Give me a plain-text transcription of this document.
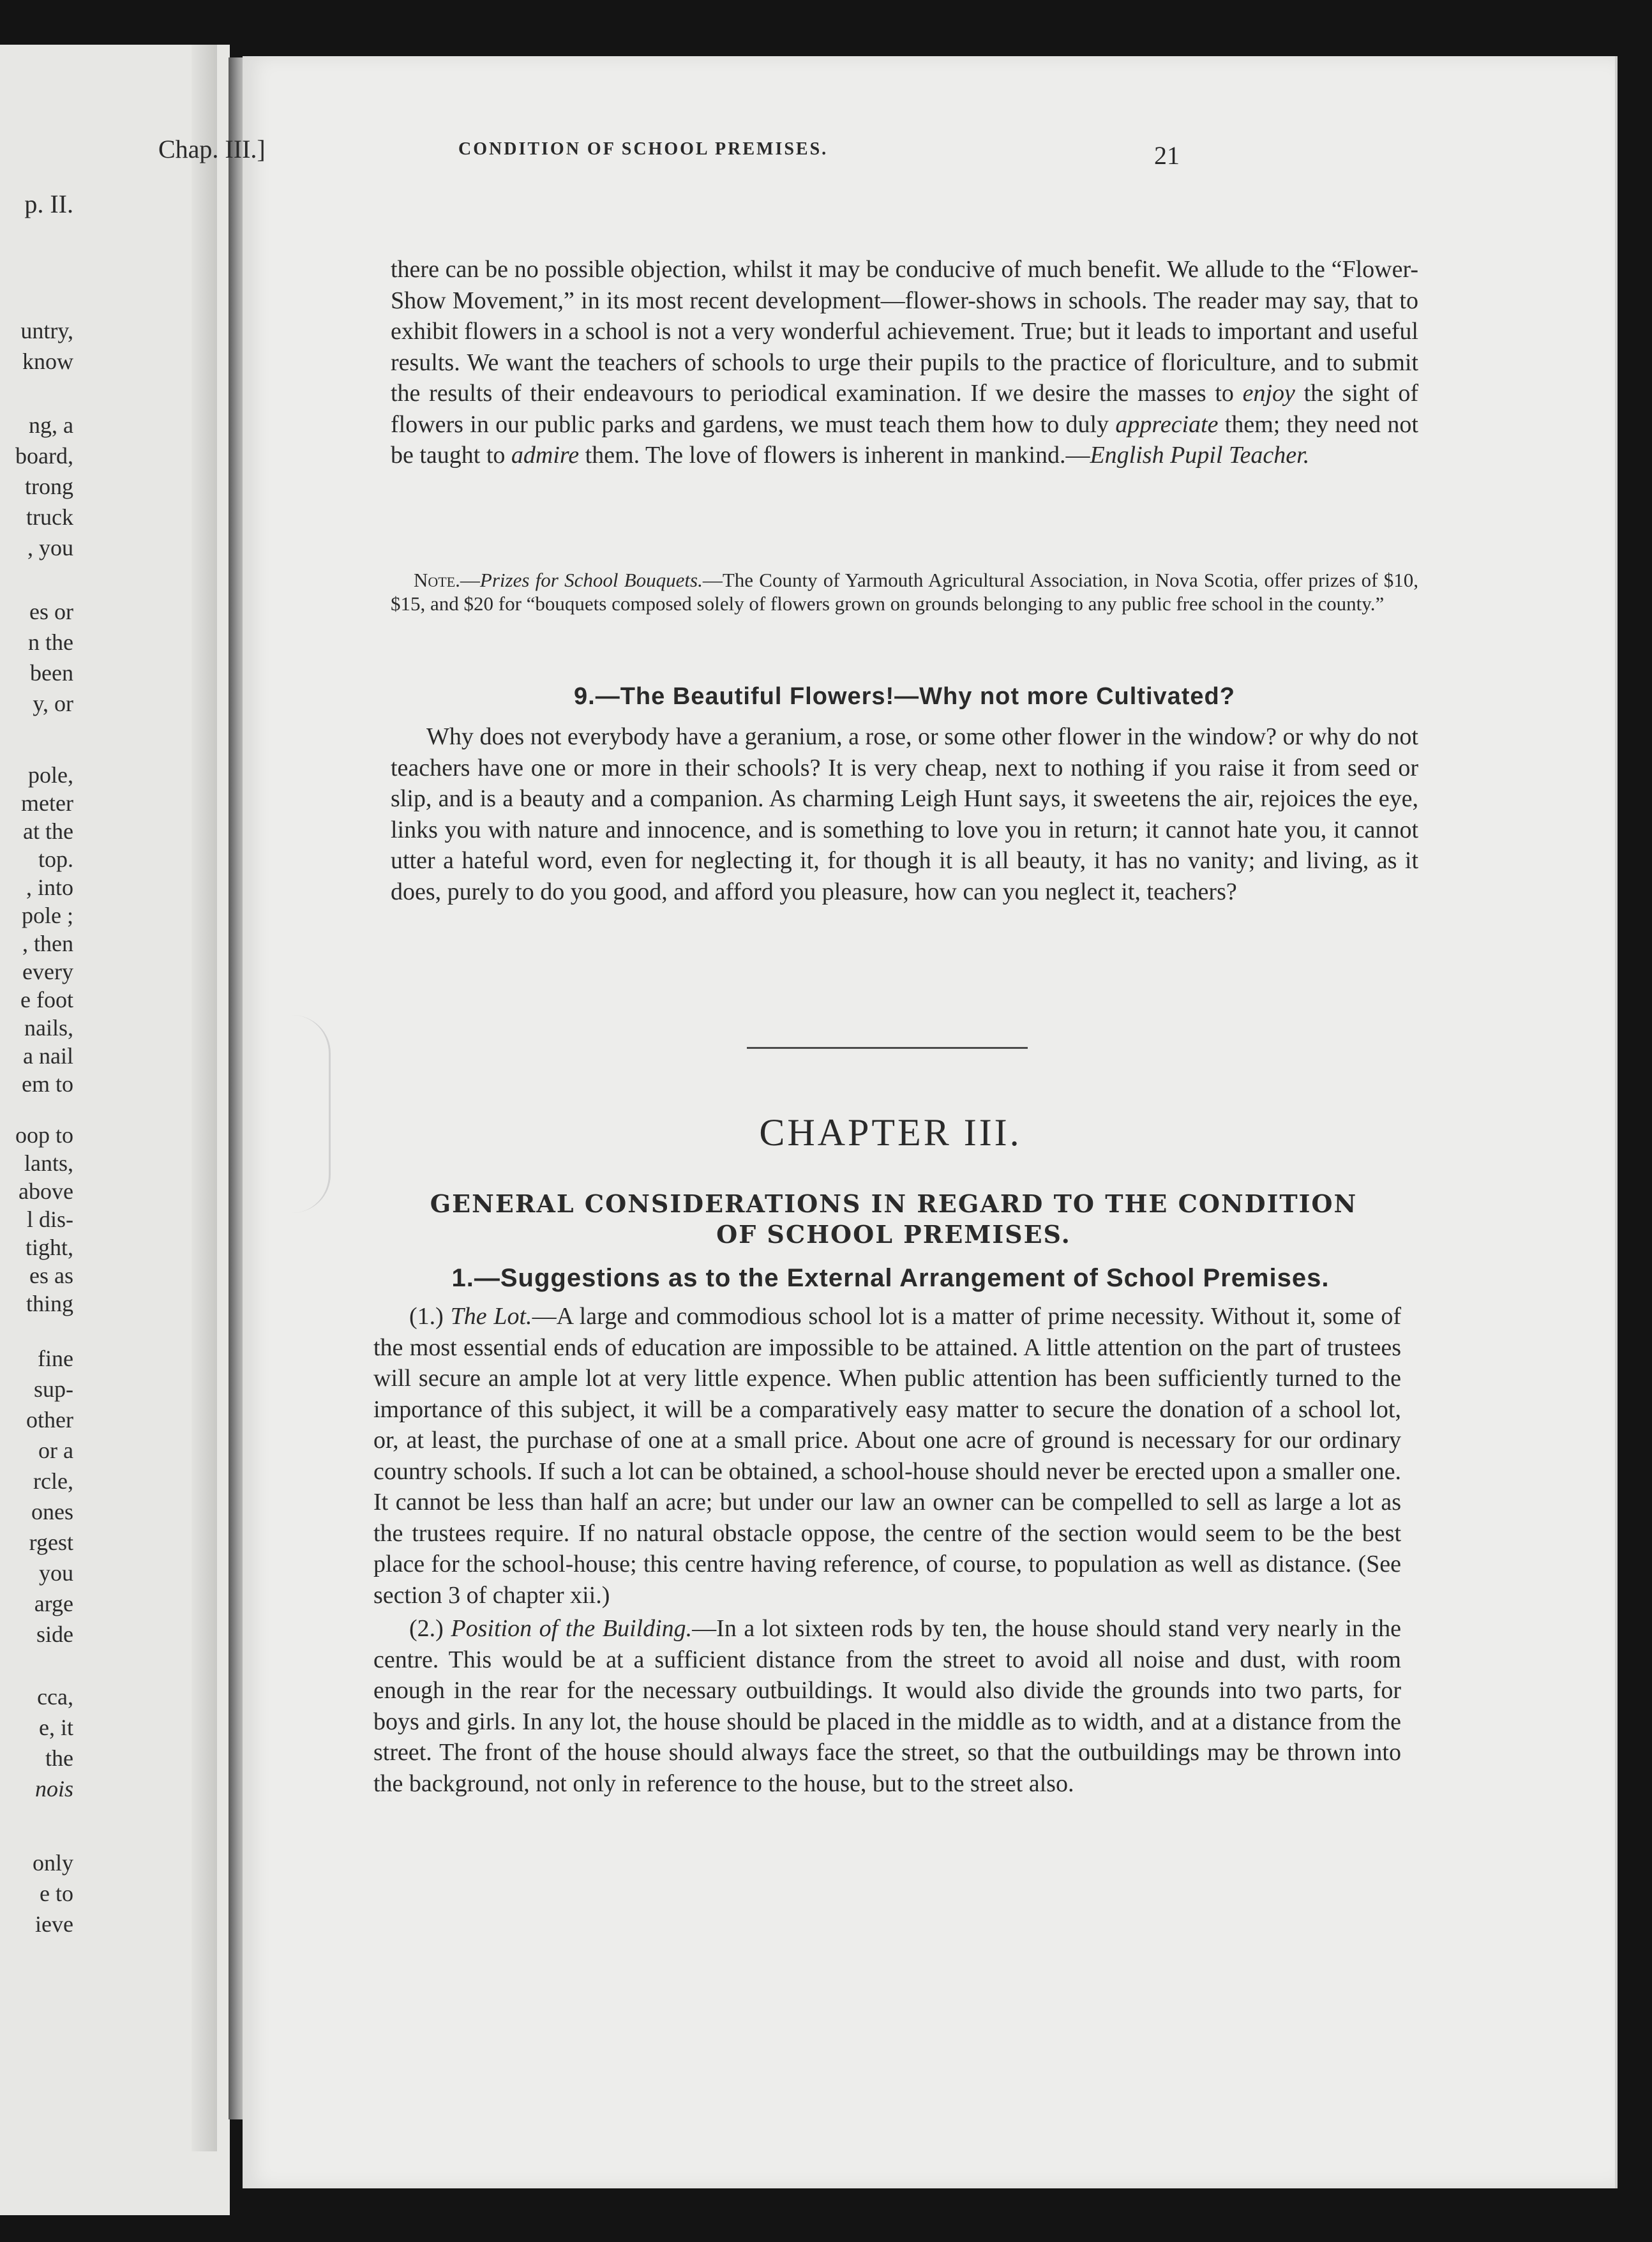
p. II.
untry,
know
ng, a
board,
trong
truck
, you
es or
n the
been
y, or
pole,
meter
at the
top.
, into
pole ;
, then
every
e foot
nails,
a nail
em to
oop to
lants,
above
l dis-
tight,
es as
thing
fine
sup-
other
or a
rcle,
ones
rgest
you
arge
side
cca,
e, it
the
nois
only
e to
ieve
Chap. III.]	CONDITION OF SCHOOL PREMISES.	21

there can be no possible objection, whilst it may be conducive of much benefit. We allude to the “Flower-Show Movement,” in its most recent development—flower-shows in schools. The reader may say, that to exhibit flowers in a school is not a very wonderful achievement. True; but it leads to important and useful results. We want the teachers of schools to urge their pupils to the practice of floriculture, and to submit the results of their endeavours to periodical examination. If we desire the masses to enjoy the sight of flowers in our public parks and gardens, we must teach them how to duly appreciate them; they need not be taught to admire them. The love of flowers is inherent in mankind.—English Pupil Teacher.

Note.—Prizes for School Bouquets.—The County of Yarmouth Agricultural Association, in Nova Scotia, offer prizes of $10, $15, and $20 for “bouquets composed solely of flowers grown on grounds belonging to any public free school in the county.”
9.—The Beautiful Flowers!—Why not more Cultivated?

Why does not everybody have a geranium, a rose, or some other flower in the window? or why do not teachers have one or more in their schools? It is very cheap, next to nothing if you raise it from seed or slip, and is a beauty and a companion. As charming Leigh Hunt says, it sweetens the air, rejoices the eye, links you with nature and innocence, and is something to love you in return; it cannot hate you, it cannot utter a hateful word, even for neglecting it, for though it is all beauty, it has no vanity; and living, as it does, purely to do you good, and afford you pleasure, how can you neglect it, teachers?

CHAPTER III.
GENERAL CONSIDERATIONS IN REGARD TO THE CONDITION
OF SCHOOL PREMISES.
1.—Suggestions as to the External Arrangement of School Premises.

(1.) The Lot.—A large and commodious school lot is a matter of prime necessity. Without it, some of the most essential ends of education are impossible to be attained. A little attention on the part of trustees will secure an ample lot at very little expence. When public attention has been sufficiently turned to the importance of this subject, it will be a comparatively easy matter to secure the donation of a school lot, or, at least, the purchase of one at a small price. About one acre of ground is necessary for our ordinary country schools. If such a lot can be obtained, a school-house should never be erected upon a smaller one. It cannot be less than half an acre; but under our law an owner can be compelled to sell as large a lot as the trustees require. If no natural obstacle oppose, the centre of the section would seem to be the best place for the school-house; this centre having reference, of course, to population as well as distance. (See section 3 of chapter xii.)

(2.) Position of the Building.—In a lot sixteen rods by ten, the house should stand very nearly in the centre. This would be at a sufficient distance from the street to avoid all noise and dust, with room enough in the rear for the necessary outbuildings. It would also divide the grounds into two parts, for boys and girls. In any lot, the house should be placed in the middle as to width, and at a distance from the street. The front of the house should always face the street, so that the outbuildings may be thrown into the background, not only in reference to the house, but to the street also.
